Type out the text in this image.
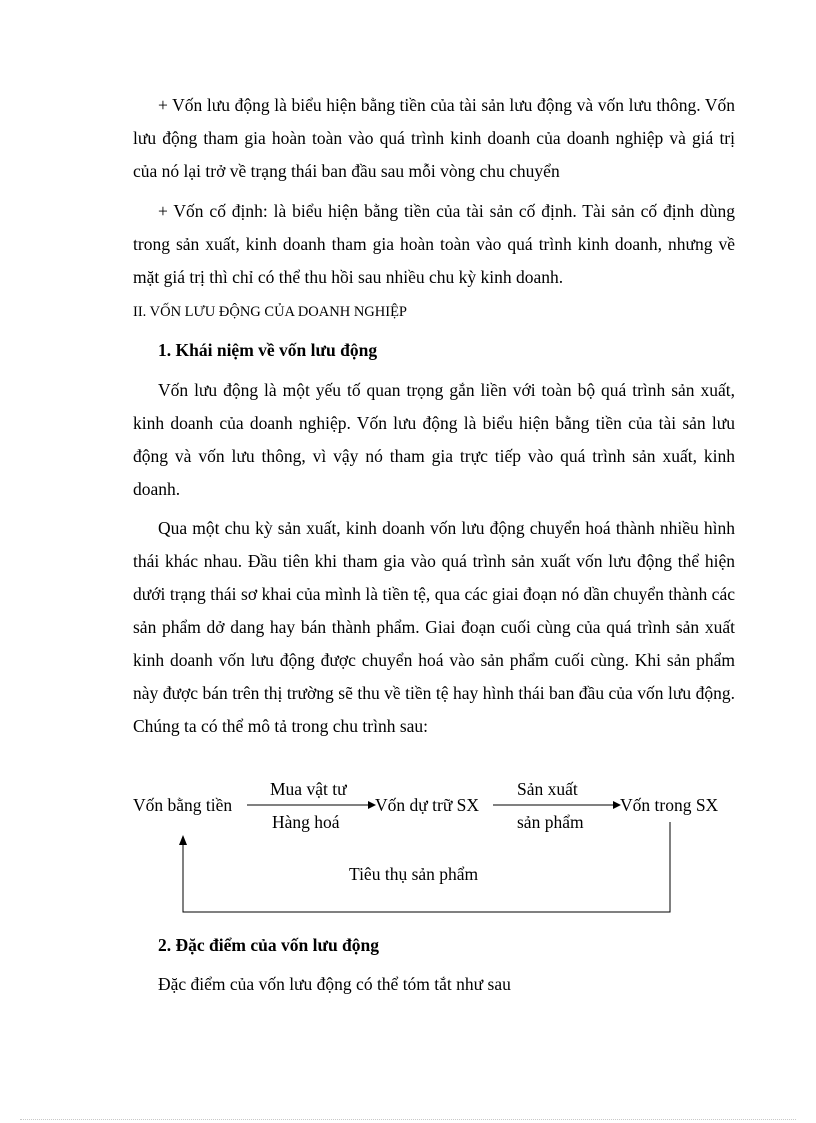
+ Vốn lưu động là biểu hiện bằng tiền của tài sản lưu động và vốn lưu thông. Vốn lưu động tham gia hoàn toàn vào quá trình kinh doanh của doanh nghiệp và giá trị của nó lại trở về trạng thái ban đầu sau mỗi vòng chu chuyển

+ Vốn cố định: là biểu hiện bằng tiền của tài sản cố định. Tài sản cố định dùng trong sản xuất, kinh doanh tham gia hoàn toàn vào quá trình kinh doanh, nhưng về mặt giá trị thì chỉ có thể thu hồi sau nhiều chu kỳ kinh doanh.

II. VỐN LƯU ĐỘNG CỦA DOANH NGHIỆP

1. Khái niệm về vốn lưu động

Vốn lưu động là một yếu tố quan trọng gắn liền với toàn bộ quá trình sản xuất, kinh doanh của doanh nghiệp. Vốn lưu động là biểu hiện bằng tiền của tài sản lưu động và vốn lưu thông, vì vậy nó tham gia trực tiếp vào quá trình sản xuất, kinh doanh.

Qua một chu kỳ sản xuất, kinh doanh vốn lưu động chuyển hoá thành nhiều hình thái khác nhau. Đầu tiên khi tham gia vào quá trình sản xuất vốn lưu động thể hiện dưới trạng thái sơ khai của mình là tiền tệ, qua các giai đoạn nó dần chuyển thành các sản phẩm dở dang hay bán thành phẩm. Giai đoạn cuối cùng của quá trình sản xuất kinh doanh vốn lưu động được chuyển hoá vào sản phẩm cuối cùng. Khi sản phẩm này được bán trên thị trường sẽ thu về tiền tệ hay hình thái ban đầu của vốn lưu động. Chúng ta có thể mô tả trong chu trình sau:

Vốn bằng tiền	Vốn dự trữ SX	Vốn trong SX
Mua vật tư
Hàng hoá
Sản xuất
sản phẩm
Tiêu thụ sản phẩm

2. Đặc điểm của vốn lưu động

Đặc điểm của vốn lưu động có thể tóm tắt như sau
